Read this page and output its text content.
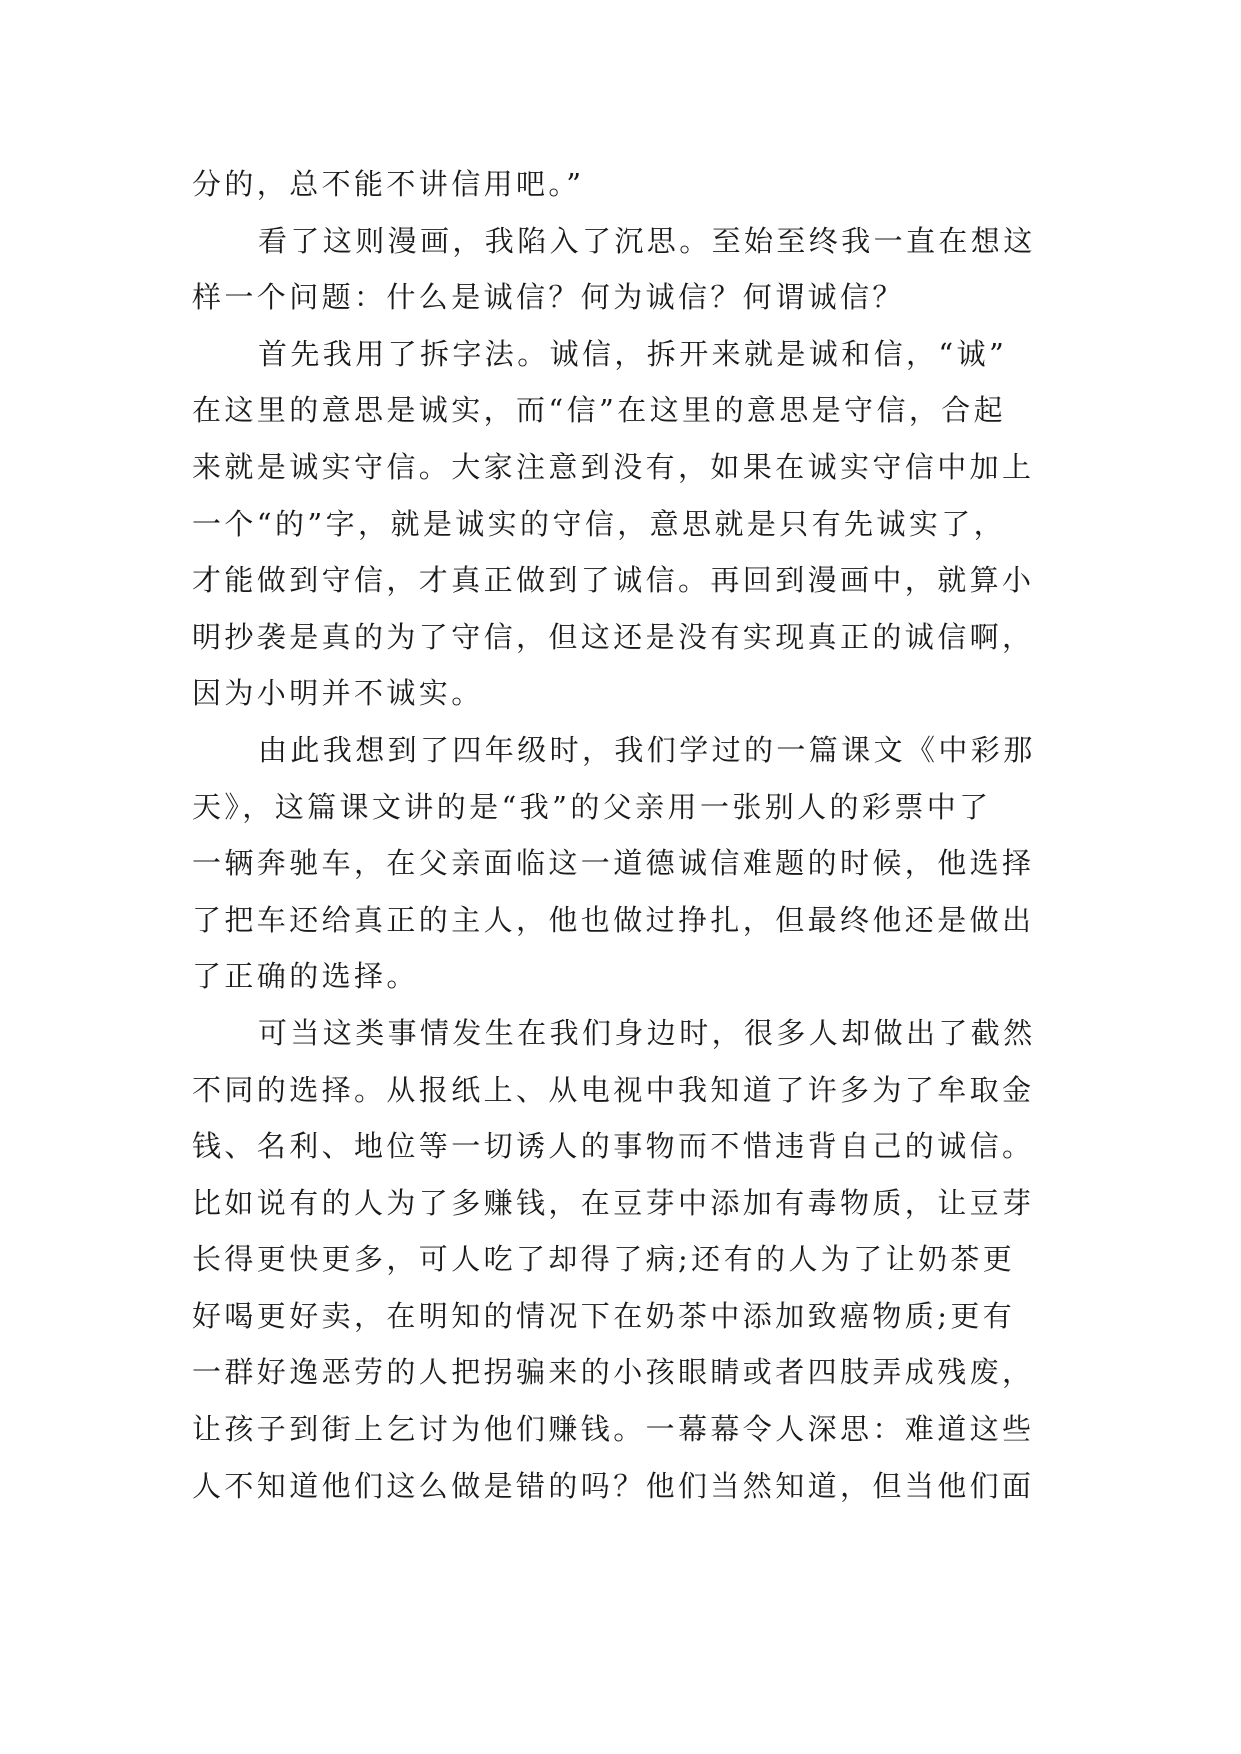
分的，总不能不讲信用吧。”
看了这则漫画，我陷入了沉思。至始至终我一直在想这
样一个问题：什么是诚信？何为诚信？何谓诚信？
首先我用了拆字法。诚信，拆开来就是诚和信，“诚”
在这里的意思是诚实，而“信”在这里的意思是守信，合起
来就是诚实守信。大家注意到没有，如果在诚实守信中加上
一个“的”字，就是诚实的守信，意思就是只有先诚实了，
才能做到守信，才真正做到了诚信。再回到漫画中，就算小
明抄袭是真的为了守信，但这还是没有实现真正的诚信啊，
因为小明并不诚实。
由此我想到了四年级时，我们学过的一篇课文《中彩那
天》，这篇课文讲的是“我”的父亲用一张别人的彩票中了
一辆奔驰车，在父亲面临这一道德诚信难题的时候，他选择
了把车还给真正的主人，他也做过挣扎，但最终他还是做出
了正确的选择。
可当这类事情发生在我们身边时，很多人却做出了截然
不同的选择。从报纸上、从电视中我知道了许多为了牟取金
钱、名利、地位等一切诱人的事物而不惜违背自己的诚信。
比如说有的人为了多赚钱，在豆芽中添加有毒物质，让豆芽
长得更快更多，可人吃了却得了病;还有的人为了让奶茶更
好喝更好卖，在明知的情况下在奶茶中添加致癌物质;更有
一群好逸恶劳的人把拐骗来的小孩眼睛或者四肢弄成残废，
让孩子到街上乞讨为他们赚钱。一幕幕令人深思：难道这些
人不知道他们这么做是错的吗？他们当然知道，但当他们面
